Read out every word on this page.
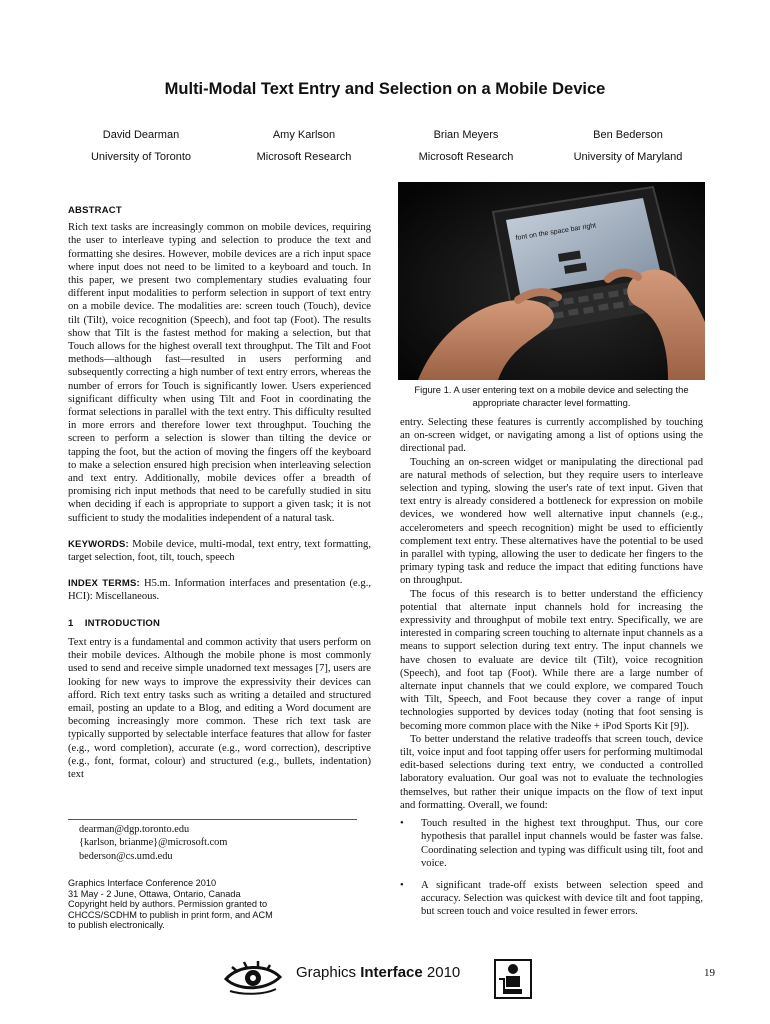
Multi-Modal Text Entry and Selection on a Mobile Device
David Dearman
University of Toronto
Amy Karlson
Microsoft Research
Brian Meyers
Microsoft Research
Ben Bederson
University of Maryland
ABSTRACT

Rich text tasks are increasingly common on mobile devices, requiring the user to interleave typing and selection to produce the text and formatting she desires. However, mobile devices are a rich input space where input does not need to be limited to a keyboard and touch. In this paper, we present two complementary studies evaluating four different input modalities to perform selection in support of text entry on a mobile device. The modalities are: screen touch (Touch), device tilt (Tilt), voice recognition (Speech), and foot tap (Foot). The results show that Tilt is the fastest method for making a selection, but that Touch allows for the highest overall text throughput. The Tilt and Foot methods—although fast—resulted in users performing and subsequently correcting a high number of text entry errors, whereas the number of errors for Touch is significantly lower. Users experienced significant difficulty when using Tilt and Foot in coordinating the format selections in parallel with the text entry. This difficulty resulted in more errors and therefore lower text throughput. Touching the screen to perform a selection is slower than tilting the device or tapping the foot, but the action of moving the fingers off the keyboard to make a selection ensured high precision when interleaving selection and text entry. Additionally, mobile devices offer a breadth of promising rich input methods that need to be carefully studied in situ when deciding if each is appropriate to support a given task; it is not sufficient to study the modalities independent of a natural task.

KEYWORDS: Mobile device, multi-modal, text entry, text formatting, target selection, foot, tilt, touch, speech

INDEX TERMS: H5.m. Information interfaces and presentation (e.g., HCI): Miscellaneous.

1 INTRODUCTION

Text entry is a fundamental and common activity that users perform on their mobile devices. Although the mobile phone is most commonly used to send and receive simple unadorned text messages [7], users are looking for new ways to improve the expressivity their devices can afford. Rich text entry tasks such as writing a detailed and structured email, posting an update to a Blog, and editing a Word document are becoming increasingly more common. These rich text task are typically supported by selectable interface features that allow for faster (e.g., word completion), accurate (e.g., word correction), descriptive (e.g., font, format, colour) and structured (e.g., bullets, indentation) text

font on the space bar right
Figure 1. A user entering text on a mobile device and selecting the appropriate character level formatting.

entry. Selecting these features is currently accomplished by touching an on-screen widget, or navigating among a list of options using the directional pad.

Touching an on-screen widget or manipulating the directional pad are natural methods of selection, but they require users to interleave selection and typing, slowing the user's rate of text input. Given that text entry is already considered a bottleneck for expression on mobile devices, we wondered how well alternative input channels (e.g., accelerometers and speech recognition) might be used to efficiently complement text entry. These alternatives have the potential to be used in parallel with typing, allowing the user to dedicate her fingers to the primary typing task and reduce the impact that editing functions have on throughput.

The focus of this research is to better understand the efficiency potential that alternate input channels hold for increasing the expressivity and throughput of mobile text entry. Specifically, we are interested in comparing screen touching to alternate input channels as a means to support selection during text entry. The input channels we have chosen to evaluate are device tilt (Tilt), voice recognition (Speech), and foot tap (Foot). While there are a large number of alternate input channels that we could explore, we compared Touch with Tilt, Speech, and Foot because they cover a range of input technologies supported by devices today (noting that foot sensing is becoming more common place with the Nike + iPod Sports Kit [9]).

To better understand the relative tradeoffs that screen touch, device tilt, voice input and foot tapping offer users for performing multimodal edit-based selections during text entry, we conducted a controlled laboratory evaluation. Our goal was not to evaluate the technologies themselves, but rather their unique impacts on the flow of text input and formatting. Overall, we found:

• Touch resulted in the highest text throughput. Thus, our core hypothesis that parallel input channels would be faster was false. Coordinating selection and typing was difficult using tilt, foot and voice.

• A significant trade-off exists between selection speed and accuracy. Selection was quickest with device tilt and foot tapping, but screen touch and voice resulted in fewer errors.

dearman@dgp.toronto.edu
{karlson, brianme}@microsoft.com
bederson@cs.umd.edu
Graphics Interface Conference 2010
31 May - 2 June, Ottawa, Ontario, Canada
Copyright held by authors. Permission granted to
CHCCS/SCDHM to publish in print form, and ACM
to publish electronically.
Graphics Interface 2010	19
